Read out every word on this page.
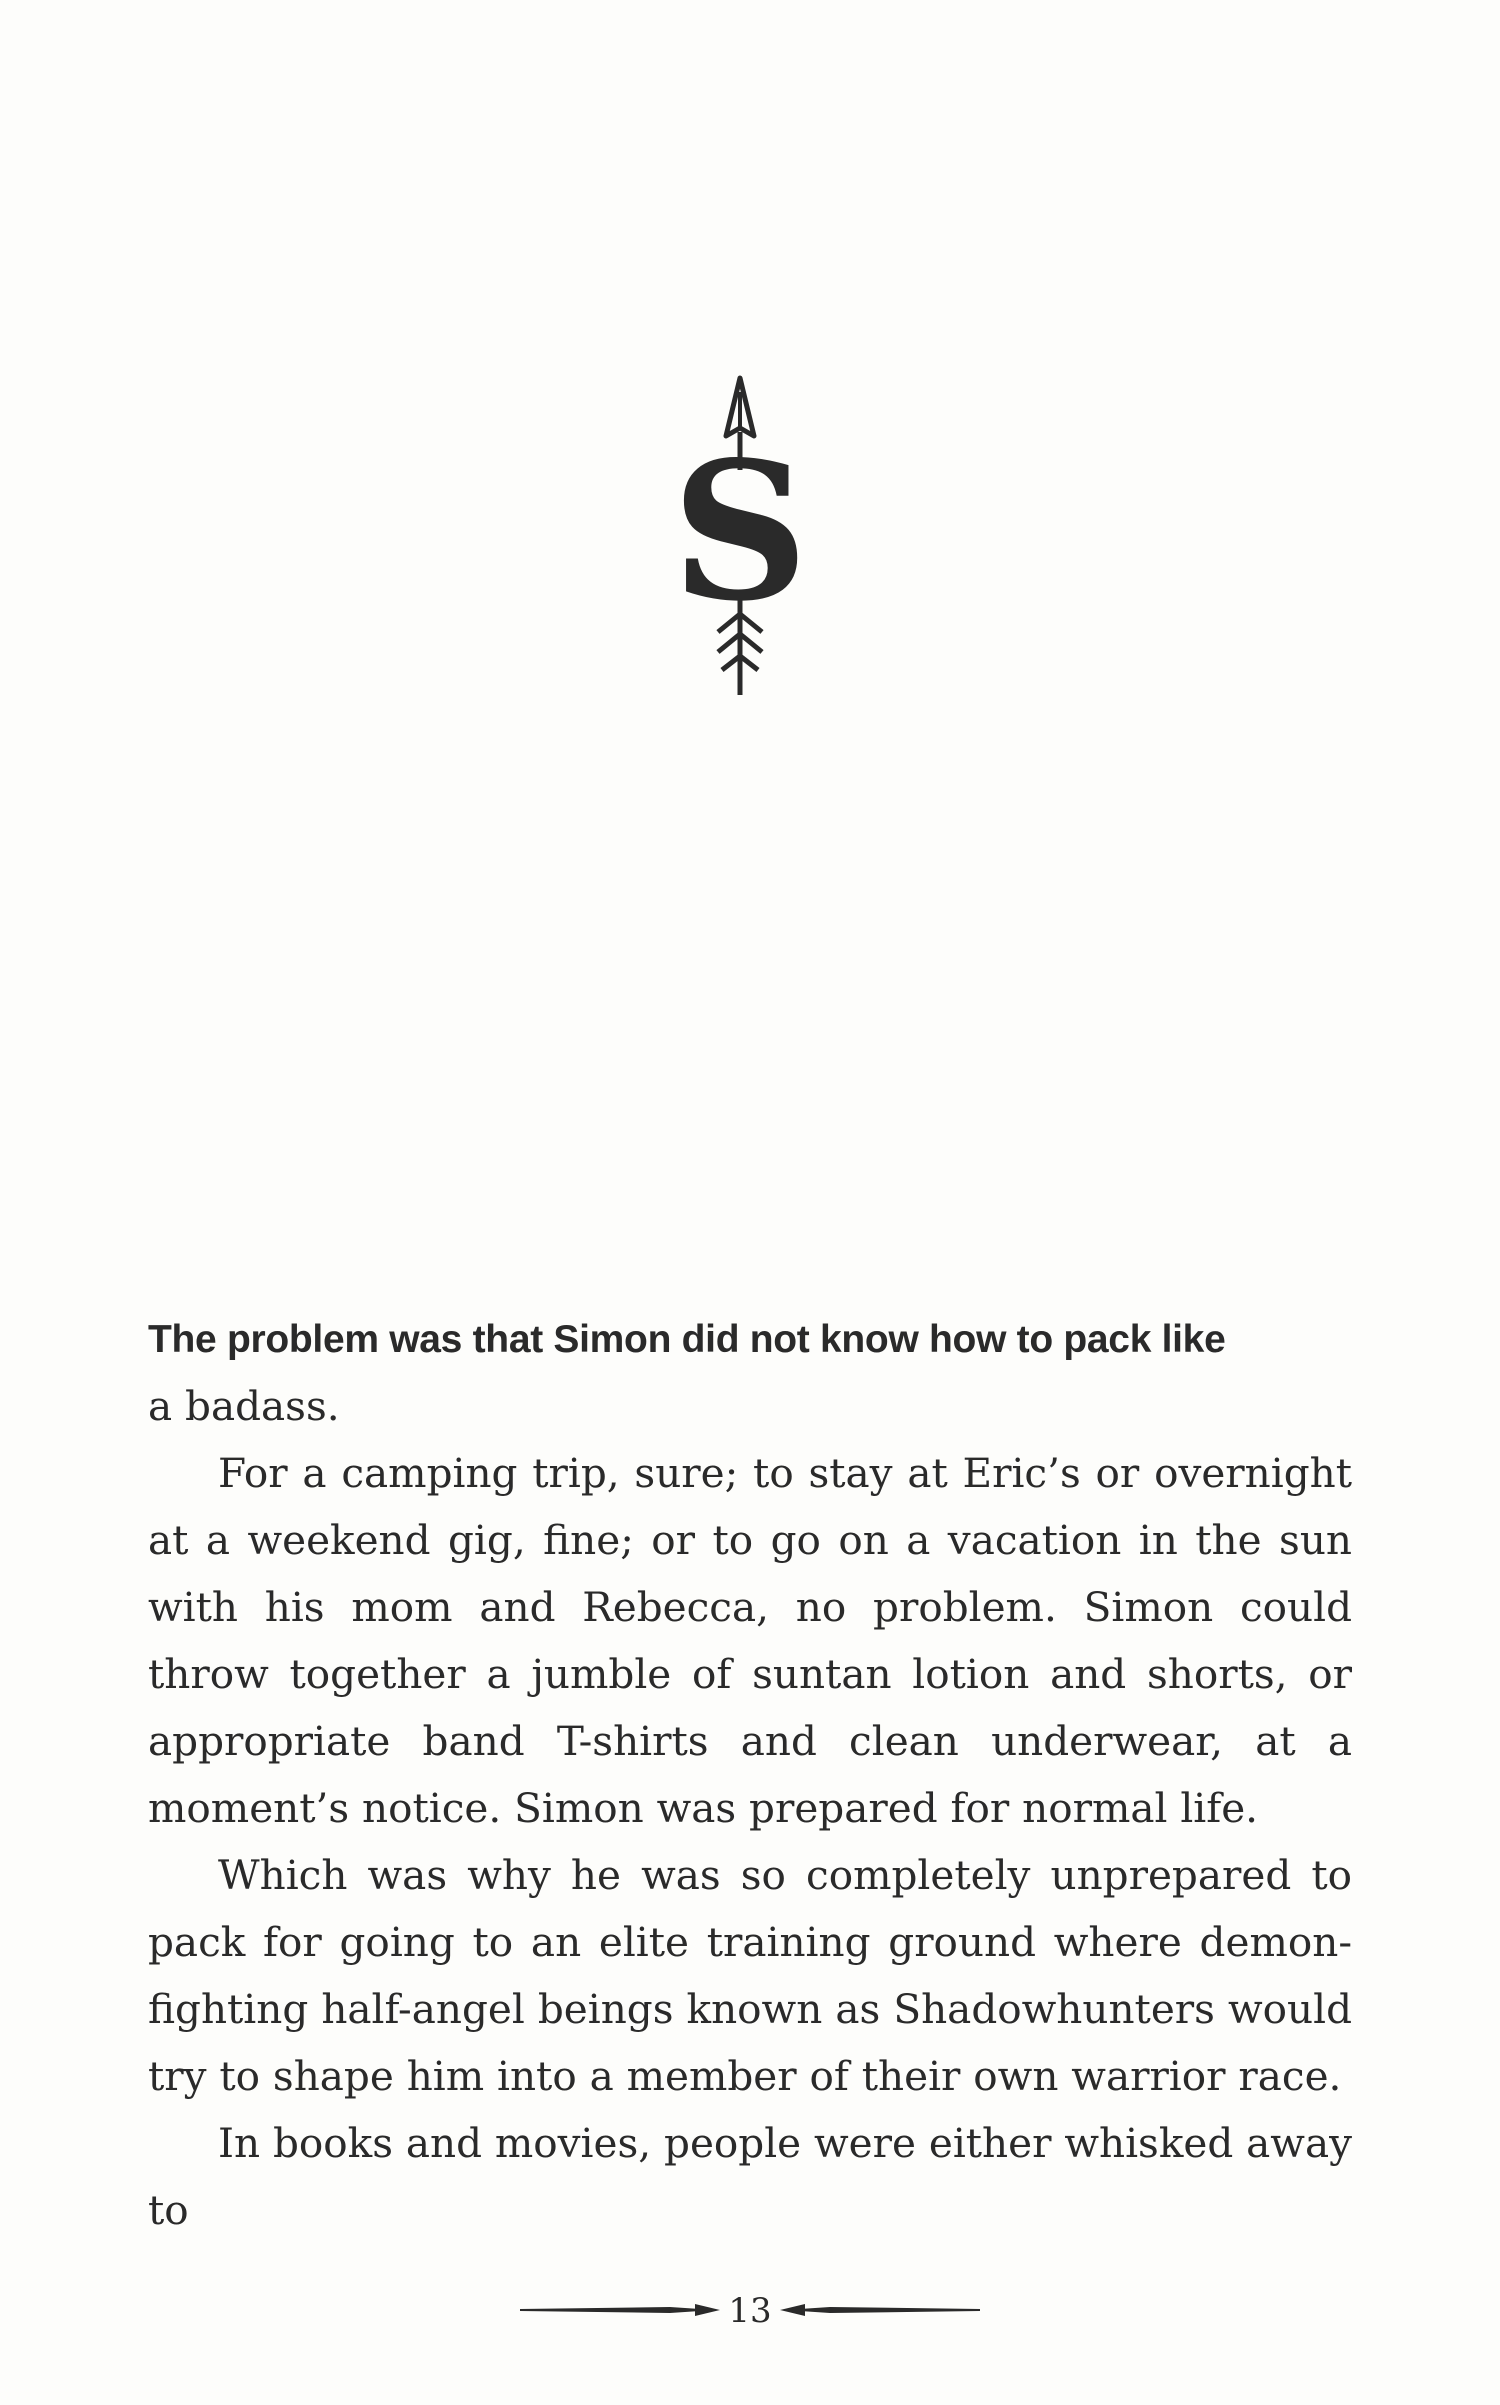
S

The problem was that Simon did not know how to pack like
a badass.

For a camping trip, sure; to stay at Eric’s or overnight at a weekend gig, fine; or to go on a vacation in the sun with his mom and Rebecca, no problem. Simon could throw together a jumble of suntan lotion and shorts, or appropriate band T-shirts and clean underwear, at a moment’s notice. Simon was prepared for normal life.

Which was why he was so completely unprepared to pack for going to an elite training ground where demon-fighting half-angel beings known as Shadowhunters would try to shape him into a member of their own warrior race.

In books and movies, people were either whisked away to

13
